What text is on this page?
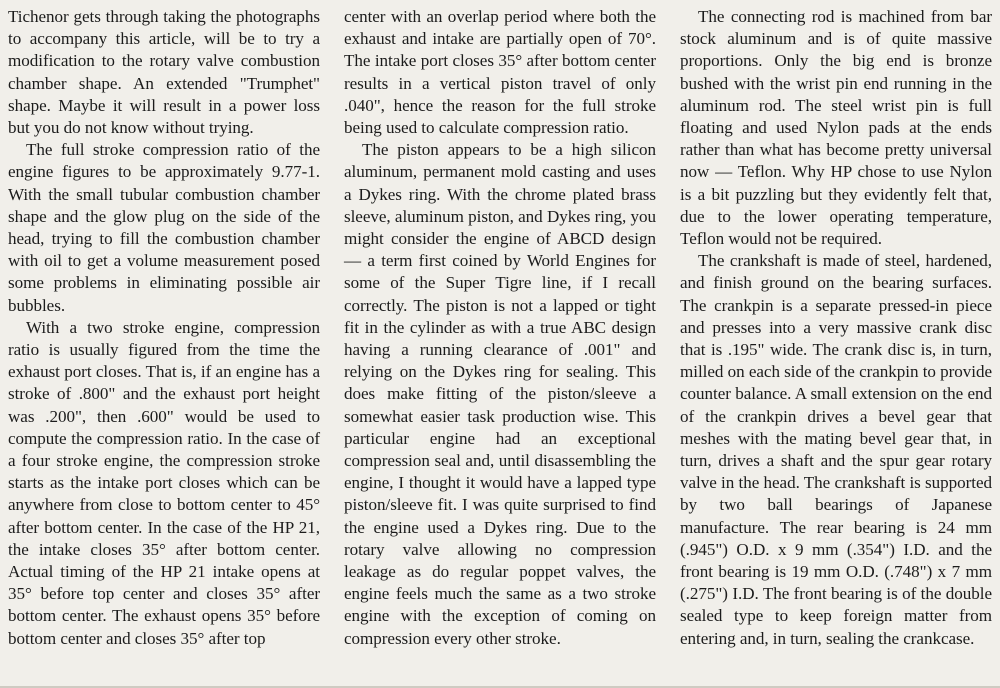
Tichenor gets through taking the photographs to accompany this article, will be to try a modification to the rotary valve combustion chamber shape. An extended "Trumphet" shape. Maybe it will result in a power loss but you do not know without trying.

The full stroke compression ratio of the engine figures to be approximately 9.77-1. With the small tubular combustion chamber shape and the glow plug on the side of the head, trying to fill the combustion chamber with oil to get a volume measurement posed some problems in eliminating possible air bubbles.

With a two stroke engine, compression ratio is usually figured from the time the exhaust port closes. That is, if an engine has a stroke of .800" and the exhaust port height was .200", then .600" would be used to compute the compression ratio. In the case of a four stroke engine, the compression stroke starts as the intake port closes which can be anywhere from close to bottom center to 45° after bottom center. In the case of the HP 21, the intake closes 35° after bottom center. Actual timing of the HP 21 intake opens at 35° before top center and closes 35° after bottom center. The exhaust opens 35° before bottom center and closes 35° after top

center with an overlap period where both the exhaust and intake are partially open of 70°. The intake port closes 35° after bottom center results in a vertical piston travel of only .040", hence the reason for the full stroke being used to calculate compression ratio.

The piston appears to be a high silicon aluminum, permanent mold casting and uses a Dykes ring. With the chrome plated brass sleeve, aluminum piston, and Dykes ring, you might consider the engine of ABCD design — a term first coined by World Engines for some of the Super Tigre line, if I recall correctly. The piston is not a lapped or tight fit in the cylinder as with a true ABC design having a running clearance of .001" and relying on the Dykes ring for sealing. This does make fitting of the piston/sleeve a somewhat easier task production wise. This particular engine had an exceptional compression seal and, until disassembling the engine, I thought it would have a lapped type piston/sleeve fit. I was quite surprised to find the engine used a Dykes ring. Due to the rotary valve allowing no compression leakage as do regular poppet valves, the engine feels much the same as a two stroke engine with the exception of coming on compression every other stroke.

The connecting rod is machined from bar stock aluminum and is of quite massive proportions. Only the big end is bronze bushed with the wrist pin end running in the aluminum rod. The steel wrist pin is full floating and used Nylon pads at the ends rather than what has become pretty universal now — Teflon. Why HP chose to use Nylon is a bit puzzling but they evidently felt that, due to the lower operating temperature, Teflon would not be required.

The crankshaft is made of steel, hardened, and finish ground on the bearing surfaces. The crankpin is a separate pressed-in piece and presses into a very massive crank disc that is .195" wide. The crank disc is, in turn, milled on each side of the crankpin to provide counter balance. A small extension on the end of the crankpin drives a bevel gear that meshes with the mating bevel gear that, in turn, drives a shaft and the spur gear rotary valve in the head. The crankshaft is supported by two ball bearings of Japanese manufacture. The rear bearing is 24 mm (.945") O.D. x 9 mm (.354") I.D. and the front bearing is 19 mm O.D. (.748") x 7 mm (.275") I.D. The front bearing is of the double sealed type to keep foreign matter from entering and, in turn, sealing the crankcase.
